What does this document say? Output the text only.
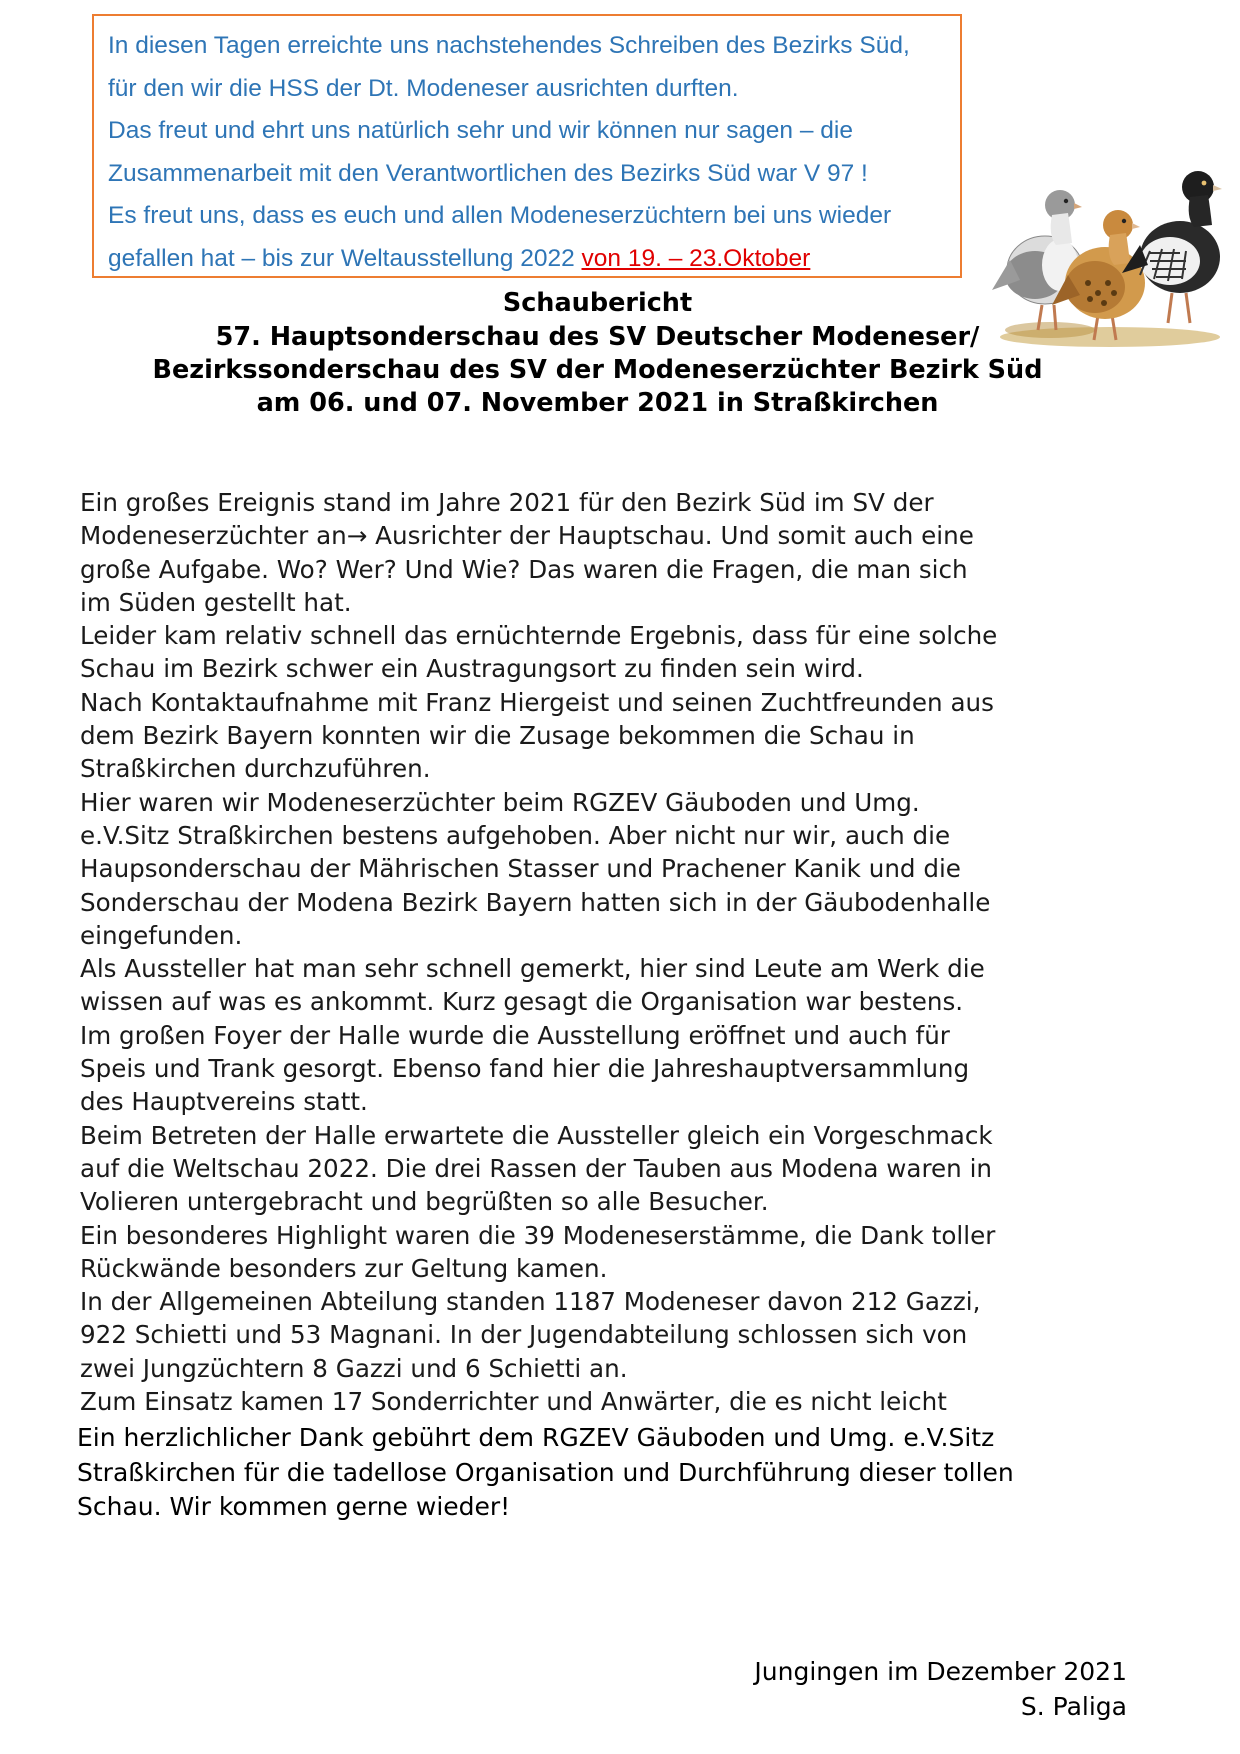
In diesen Tagen erreichte uns nachstehendes Schreiben des Bezirks Süd,
für den wir die HSS der Dt. Modeneser ausrichten durften.
Das freut und ehrt uns natürlich sehr und wir können nur sagen – die
Zusammenarbeit mit den Verantwortlichen des Bezirks Süd war V 97 !
Es freut uns, dass es euch und allen Modeneserzüchtern bei uns wieder
gefallen hat – bis zur Weltausstellung 2022 von 19. – 23.Oktober
Schaubericht
57. Hauptsonderschau des SV Deutscher Modeneser/
Bezirkssonderschau des SV der Modeneserzüchter Bezirk Süd
am 06. und 07. November 2021 in Straßkirchen
Ein großes Ereignis stand im Jahre 2021 für den Bezirk Süd im SV der
Modeneserzüchter an→ Ausrichter der Hauptschau. Und somit auch eine
große Aufgabe. Wo? Wer? Und Wie? Das waren die Fragen, die man sich
im Süden gestellt hat.
Leider kam relativ schnell das ernüchternde Ergebnis, dass für eine solche
Schau im Bezirk schwer ein Austragungsort zu finden sein wird.
Nach Kontaktaufnahme mit Franz Hiergeist und seinen Zuchtfreunden aus
dem Bezirk Bayern konnten wir die Zusage bekommen die Schau in
Straßkirchen durchzuführen.
Hier waren wir Modeneserzüchter beim RGZEV Gäuboden und Umg.
e.V.Sitz Straßkirchen bestens aufgehoben. Aber nicht nur wir, auch die
Haupsonderschau der Mährischen Stasser und Prachener Kanik und die
Sonderschau der Modena Bezirk Bayern hatten sich in der Gäubodenhalle
eingefunden.
Als Aussteller hat man sehr schnell gemerkt, hier sind Leute am Werk die
wissen auf was es ankommt. Kurz gesagt die Organisation war bestens.
Im großen Foyer der Halle wurde die Ausstellung eröffnet und auch für
Speis und Trank gesorgt. Ebenso fand hier die Jahreshauptversammlung
des Hauptvereins statt.
Beim Betreten der Halle erwartete die Aussteller gleich ein Vorgeschmack
auf die Weltschau 2022. Die drei Rassen der Tauben aus Modena waren in
Volieren untergebracht und begrüßten so alle Besucher.
Ein besonderes Highlight waren die 39 Modeneserstämme, die Dank toller
Rückwände besonders zur Geltung kamen.
In der Allgemeinen Abteilung standen 1187 Modeneser davon 212 Gazzi,
922 Schietti und 53 Magnani. In der Jugendabteilung schlossen sich von
zwei Jungzüchtern 8 Gazzi und 6 Schietti an.
Zum Einsatz kamen 17 Sonderrichter und Anwärter, die es nicht leicht
Ein herzlichlicher Dank gebührt dem RGZEV Gäuboden und Umg. e.V.Sitz
Straßkirchen für die tadellose Organisation und Durchführung dieser tollen
Schau. Wir kommen gerne wieder!
Jungingen im Dezember 2021
S. Paliga
